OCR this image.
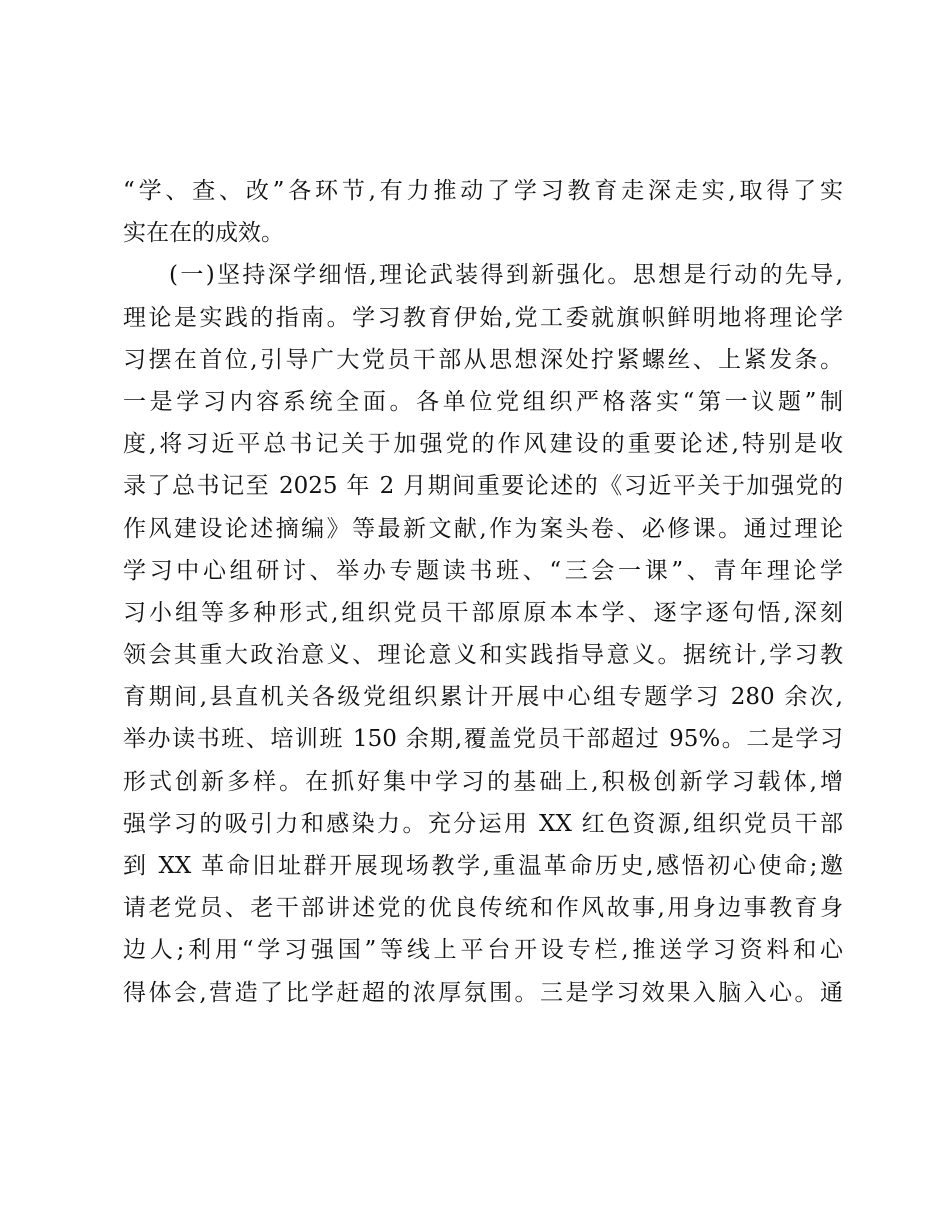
“学、查、改”各环节,有力推动了学习教育走深走实,取得了实
实在在的成效。
(一)坚持深学细悟,理论武装得到新强化。思想是行动的先导,
理论是实践的指南。学习教育伊始,党工委就旗帜鲜明地将理论学
习摆在首位,引导广大党员干部从思想深处拧紧螺丝、上紧发条。
一是学习内容系统全面。各单位党组织严格落实“第一议题”制
度,将习近平总书记关于加强党的作风建设的重要论述,特别是收
录了总书记至 2025 年 2 月期间重要论述的《习近平关于加强党的
作风建设论述摘编》等最新文献,作为案头卷、必修课。通过理论
学习中心组研讨、举办专题读书班、“三会一课”、青年理论学
习小组等多种形式,组织党员干部原原本本学、逐字逐句悟,深刻
领会其重大政治意义、理论意义和实践指导意义。据统计,学习教
育期间,县直机关各级党组织累计开展中心组专题学习 280 余次,
举办读书班、培训班 150 余期,覆盖党员干部超过 95%。二是学习
形式创新多样。在抓好集中学习的基础上,积极创新学习载体,增
强学习的吸引力和感染力。充分运用 XX 红色资源,组织党员干部
到 XX 革命旧址群开展现场教学,重温革命历史,感悟初心使命;邀
请老党员、老干部讲述党的优良传统和作风故事,用身边事教育身
边人;利用“学习强国”等线上平台开设专栏,推送学习资料和心
得体会,营造了比学赶超的浓厚氛围。三是学习效果入脑入心。通
